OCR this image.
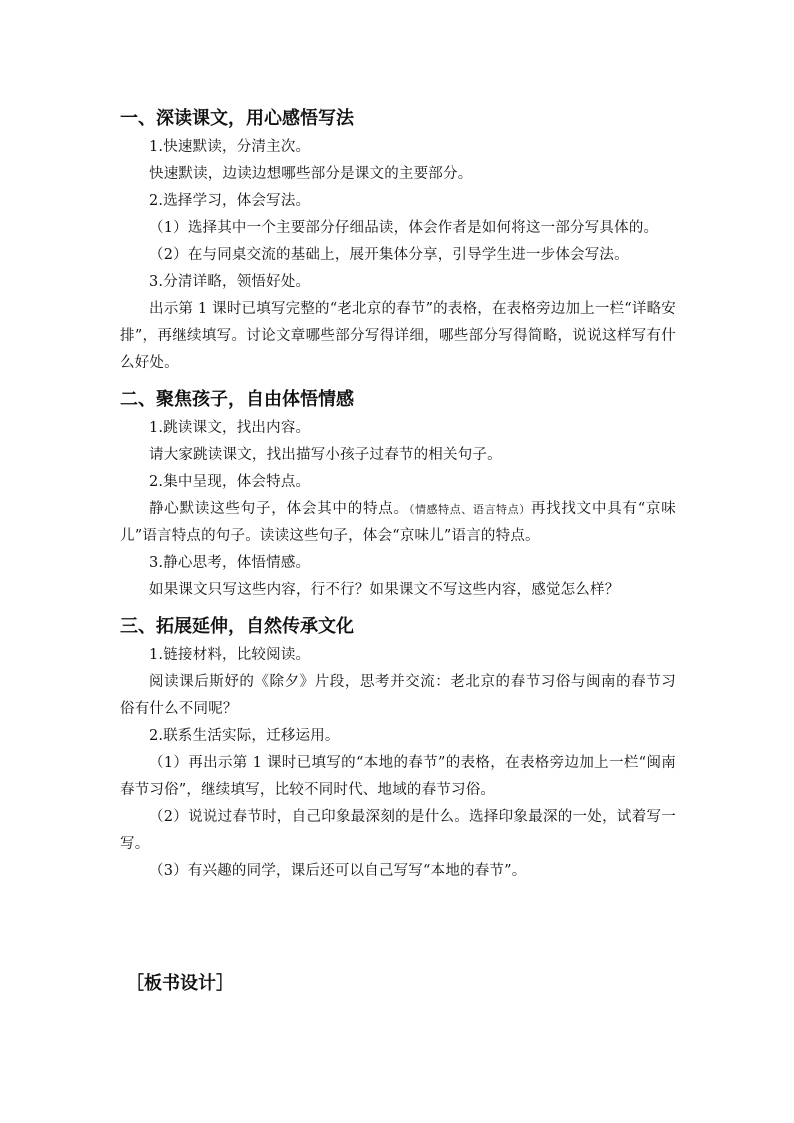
一、深读课文，用心感悟写法

1.快速默读，分清主次。

快速默读，边读边想哪些部分是课文的主要部分。

2.选择学习，体会写法。

（1）选择其中一个主要部分仔细品读，体会作者是如何将这一部分写具体的。

（2）在与同桌交流的基础上，展开集体分享，引导学生进一步体会写法。

3.分清详略，领悟好处。

出示第 1 课时已填写完整的“老北京的春节”的表格，在表格旁边加上一栏“详略安排”，再继续填写。讨论文章哪些部分写得详细，哪些部分写得简略，说说这样写有什么好处。

二、聚焦孩子，自由体悟情感

1.跳读课文，找出内容。

请大家跳读课文，找出描写小孩子过春节的相关句子。

2.集中呈现，体会特点。

静心默读这些句子，体会其中的特点。（情感特点、语言特点）再找找文中具有“京味儿”语言特点的句子。读读这些句子，体会“京味儿”语言的特点。

3.静心思考，体悟情感。

如果课文只写这些内容，行不行？如果课文不写这些内容，感觉怎么样？

三、拓展延伸，自然传承文化

1.链接材料，比较阅读。

阅读课后斯妤的《除夕》片段，思考并交流：老北京的春节习俗与闽南的春节习俗有什么不同呢？

2.联系生活实际，迁移运用。

（1）再出示第 1 课时已填写的“本地的春节”的表格，在表格旁边加上一栏“闽南春节习俗”，继续填写，比较不同时代、地域的春节习俗。

（2）说说过春节时，自己印象最深刻的是什么。选择印象最深的一处，试着写一写。

（3）有兴趣的同学，课后还可以自己写写“本地的春节”。

［板书设计］
